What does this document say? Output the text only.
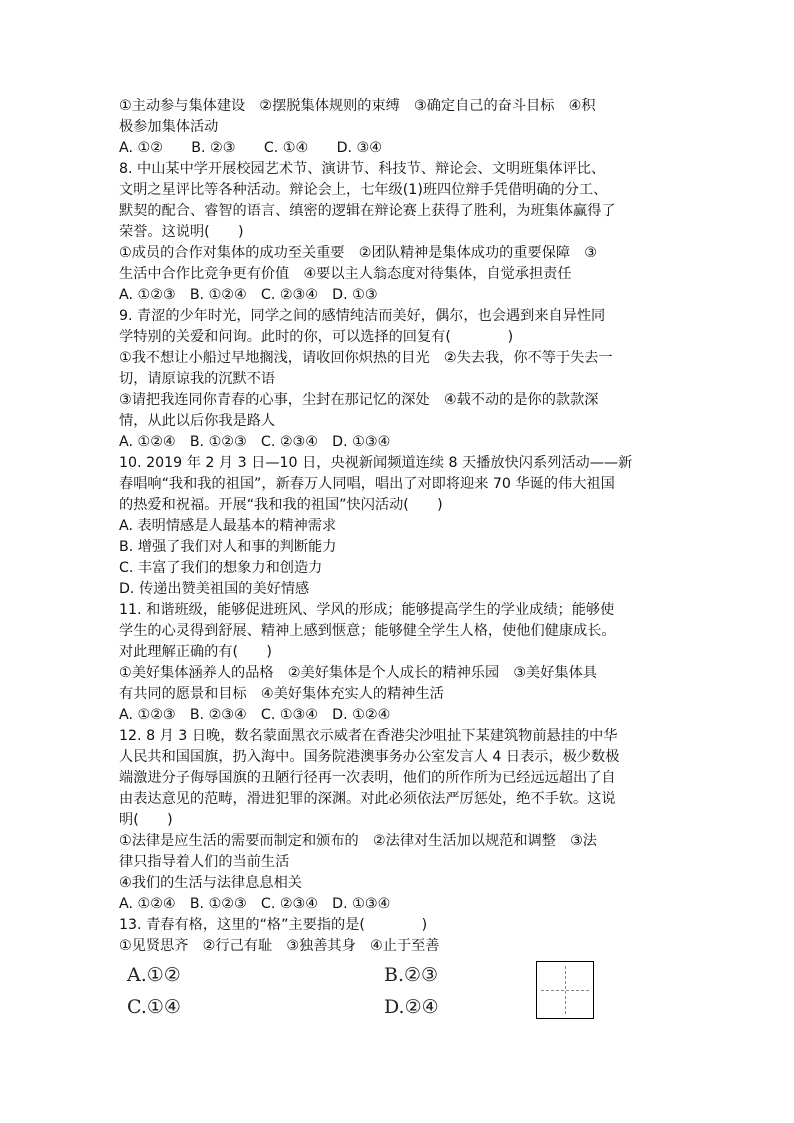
①主动参与集体建设　②摆脱集体规则的束缚　③确定自己的奋斗目标　④积
极参加集体活动
A. ①②　　B. ②③　　C. ①④　　D. ③④
8. 中山某中学开展校园艺术节、演讲节、科技节、辩论会、文明班集体评比、
文明之星评比等各种活动。辩论会上，七年级(1)班四位辩手凭借明确的分工、
默契的配合、睿智的语言、缜密的逻辑在辩论赛上获得了胜利，为班集体赢得了
荣誉。这说明(　　)
①成员的合作对集体的成功至关重要　②团队精神是集体成功的重要保障　③
生活中合作比竞争更有价值　④要以主人翁态度对待集体，自觉承担责任
A. ①②③　B. ①②④　C. ②③④　D. ①③
9. 青涩的少年时光，同学之间的感情纯洁而美好，偶尔，也会遇到来自异性同
学特别的关爱和问询。此时的你，可以选择的回复有(　　　　)
①我不想让小船过早地搁浅，请收回你炽热的目光　②失去我，你不等于失去一
切，请原谅我的沉默不语
③请把我连同你青春的心事，尘封在那记忆的深处　④载不动的是你的款款深
情，从此以后你我是路人
A. ①②④　B. ①②③　C. ②③④　D. ①③④
10. 2019 年 2 月 3 日—10 日，央视新闻频道连续 8 天播放快闪系列活动——新
春唱响“我和我的祖国”，新春万人同唱，唱出了对即将迎来 70 华诞的伟大祖国
的热爱和祝福。开展“我和我的祖国”快闪活动(　　)
A. 表明情感是人最基本的精神需求
B. 增强了我们对人和事的判断能力
C. 丰富了我们的想象力和创造力
D. 传递出赞美祖国的美好情感
11. 和谐班级，能够促进班风、学风的形成；能够提高学生的学业成绩；能够使
学生的心灵得到舒展、精神上感到惬意；能够健全学生人格，使他们健康成长。
对此理解正确的有(　　)
①美好集体涵养人的品格　②美好集体是个人成长的精神乐园　③美好集体具
有共同的愿景和目标　④美好集体充实人的精神生活
A. ①②③　B. ②③④　C. ①③④　D. ①②④
12. 8 月 3 日晚，数名蒙面黑衣示威者在香港尖沙咀扯下某建筑物前悬挂的中华
人民共和国国旗，扔入海中。国务院港澳事务办公室发言人 4 日表示，极少数极
端激进分子侮辱国旗的丑陋行径再一次表明，他们的所作所为已经远远超出了自
由表达意见的范畴，滑进犯罪的深渊。对此必须依法严厉惩处，绝不手软。这说
明(　　)
①法律是应生活的需要而制定和颁布的　②法律对生活加以规范和调整　③法
律只指导着人们的当前生活
④我们的生活与法律息息相关
A. ①②④　B. ①②③　C. ②③④　D. ①③④
13. 青春有格，这里的“格”主要指的是(　　　　)
①见贤思齐　②行己有耻　③独善其身　④止于至善
A.①②	B.②③
C.①④	D.②④
